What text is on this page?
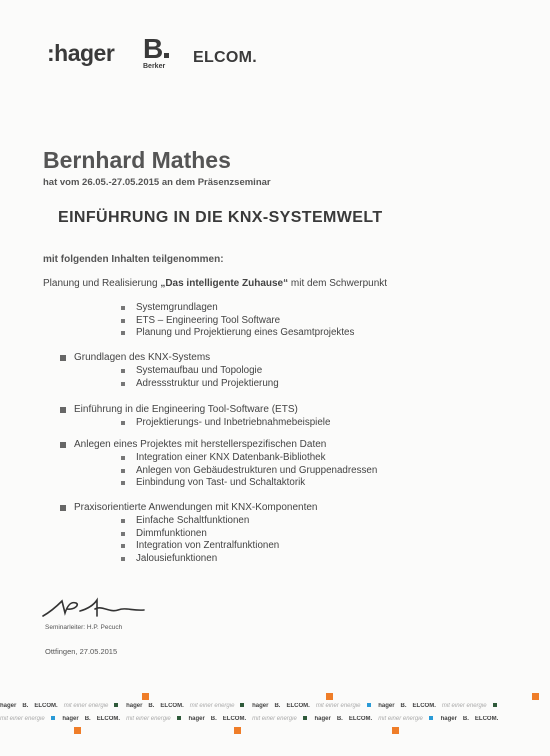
:hager B
Berker
ELCOM.
Bernhard Mathes
hat vom 26.05.-27.05.2015 an dem Präsenzseminar
EINFÜHRUNG IN DIE KNX-SYSTEMWELT
mit folgenden Inhalten teilgenommen:
Planung und Realisierung „Das intelligente Zuhause“ mit dem Schwerpunkt
Systemgrundlagen
ETS – Engineering Tool Software
Planung und Projektierung eines Gesamtprojektes
Grundlagen des KNX-Systems
Systemaufbau und Topologie
Adressstruktur und Projektierung
Einführung in die Engineering Tool-Software (ETS)
Projektierungs- und Inbetriebnahmebeispiele
Anlegen eines Projektes mit herstellerspezifischen Daten
Integration einer KNX Datenbank-Bibliothek
Anlegen von Gebäudestrukturen und Gruppenadressen
Einbindung von Tast- und Schaltaktorik
Praxisorientierte Anwendungen mit KNX-Komponenten
Einfache Schaltfunktionen
Dimmfunktionen
Integration von Zentralfunktionen
Jalousiefunktionen
Seminarleiter: H.P. Pecuch
Ottfingen, 27.05.2015
hager B. ELCOM. mit einer energie	hager B. ELCOM. mit einer energie	hager B. ELCOM. mit einer energie	hager B. ELCOM. mit einer energie
mit einer energie	hager B. ELCOM. mit einer energie	hager B. ELCOM. mit einer energie	hager B. ELCOM. mit einer energie	hager B. ELCOM.
